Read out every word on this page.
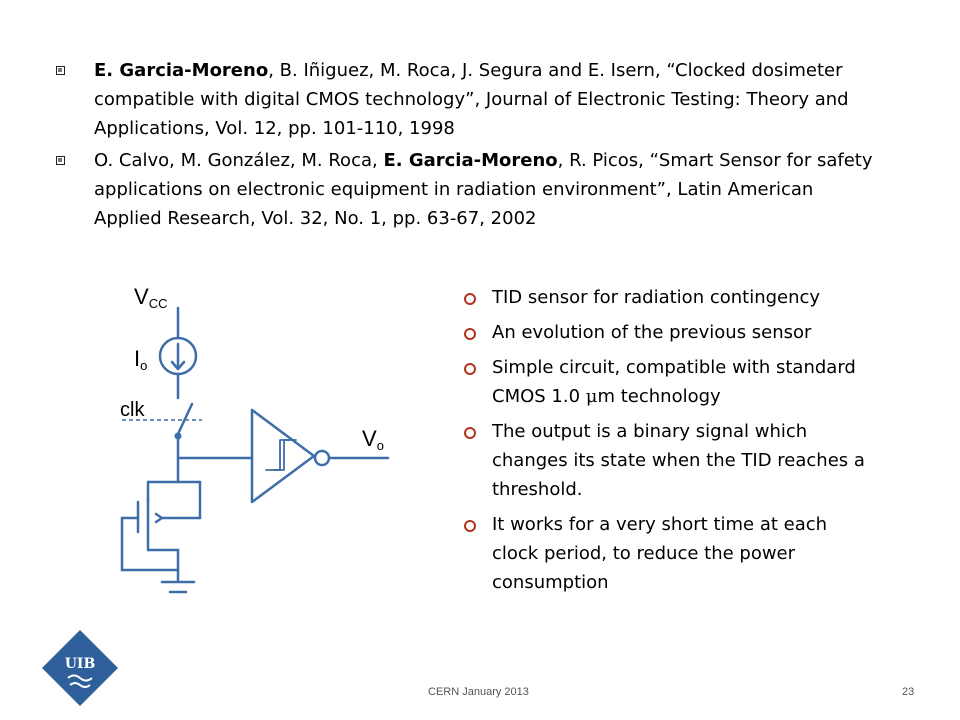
E. Garcia-Moreno, B. Iñiguez, M. Roca, J. Segura and E. Isern, “Clocked dosimeter compatible with digital CMOS technology”, Journal of Electronic Testing: Theory and Applications, Vol. 12, pp. 101-110, 1998
O. Calvo, M. González, M. Roca, E. Garcia-Moreno, R. Picos, “Smart Sensor for safety applications on electronic equipment in radiation environment”, Latin American Applied Research, Vol. 32, No. 1, pp. 63-67, 2002
VCC
Io
clk
Vo
TID sensor for radiation contingency
An evolution of the previous sensor
Simple circuit, compatible with standard CMOS 1.0 μm technology
The output is a binary signal which changes its state when the TID reaches a threshold.
It works for a very short time at each clock period, to reduce the power consumption
UIB
CERN January 2013	23
